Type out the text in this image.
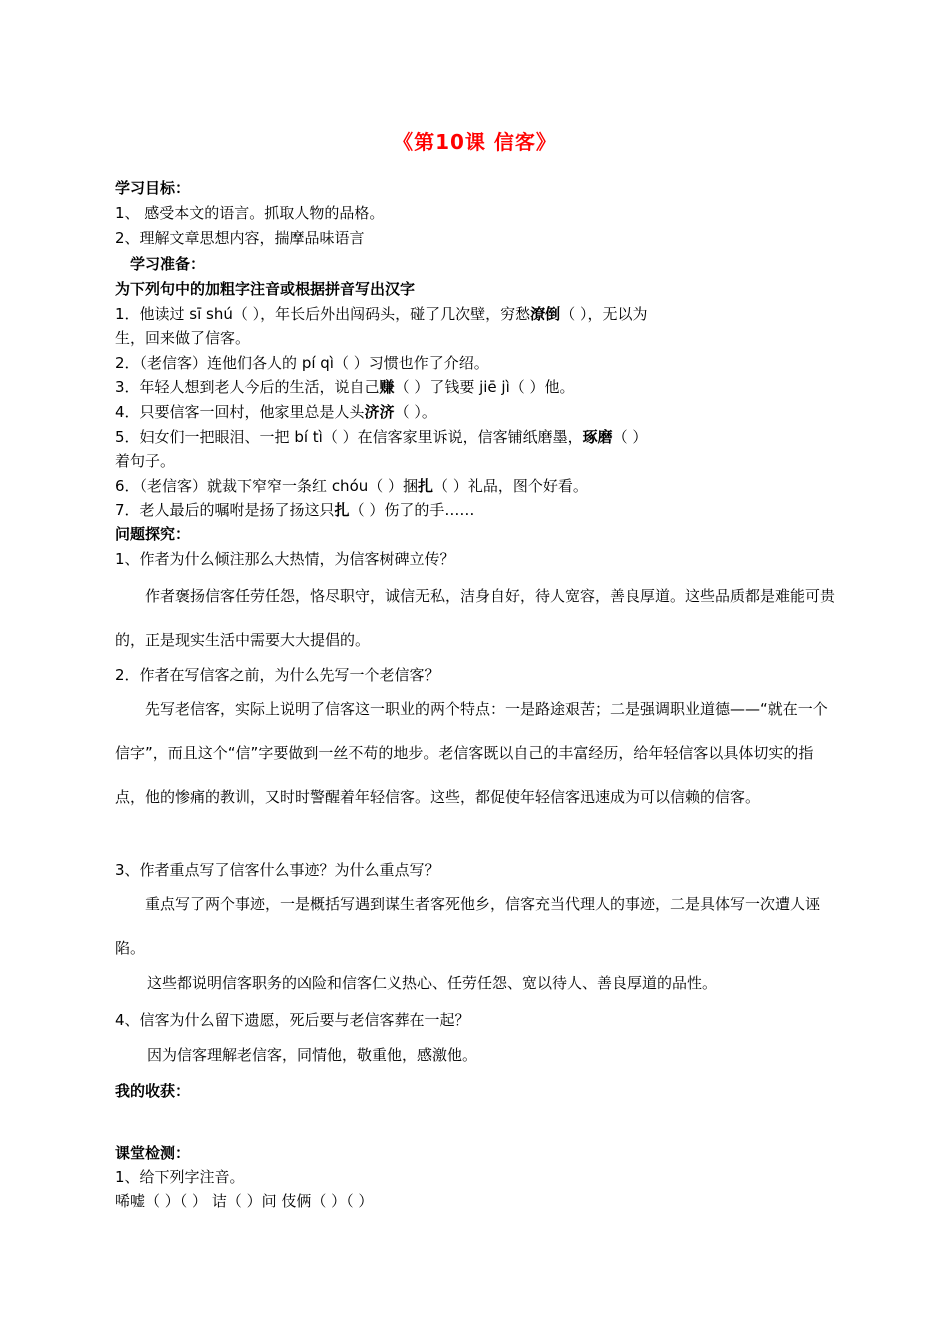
《第10课 信客》
学习目标：
1、 感受本文的语言。抓取人物的品格。
2、理解文章思想内容，揣摩品味语言
学习准备：
为下列句中的加粗字注音或根据拼音写出汉字
1．他读过 sī shú（ ），年长后外出闯码头，碰了几次壁，穷愁潦倒（ ），无以为
生，回来做了信客。
2．（老信客）连他们各人的 pí qì（ ）习惯也作了介绍。
3．年轻人想到老人今后的生活，说自己赚（ ）了钱要 jiē jì（ ）他。
4．只要信客一回村，他家里总是人头济济（ ）。
5．妇女们一把眼泪、一把 bí tì（ ）在信客家里诉说，信客铺纸磨墨，琢磨（ ）
着句子。
6．（老信客）就裁下窄窄一条红 chóu（ ）捆扎（ ）礼品，图个好看。
7．老人最后的嘱咐是扬了扬这只扎（ ）伤了的手……
问题探究：
1、作者为什么倾注那么大热情，为信客树碑立传？
作者褒扬信客任劳任怨，恪尽职守，诚信无私，洁身自好，待人宽容，善良厚道。这些品质都是难能可贵的，正是现实生活中需要大大提倡的。
2．作者在写信客之前，为什么先写一个老信客？
先写老信客，实际上说明了信客这一职业的两个特点：一是路途艰苦；二是强调职业道德——“就在一个信字”，而且这个“信”字要做到一丝不苟的地步。老信客既以自己的丰富经历，给年轻信客以具体切实的指点，他的惨痛的教训，又时时警醒着年轻信客。这些，都促使年轻信客迅速成为可以信赖的信客。
3、作者重点写了信客什么事迹？为什么重点写？
重点写了两个事迹，一是概括写遇到谋生者客死他乡，信客充当代理人的事迹，二是具体写一次遭人诬陷。
这些都说明信客职务的凶险和信客仁义热心、任劳任怨、宽以待人、善良厚道的品性。
4、信客为什么留下遗愿，死后要与老信客葬在一起？
因为信客理解老信客，同情他，敬重他，感激他。
我的收获：
课堂检测：
1、给下列字注音。
唏嘘（ ）（ ） 诘（ ）问 伎俩（ ）（ ）
